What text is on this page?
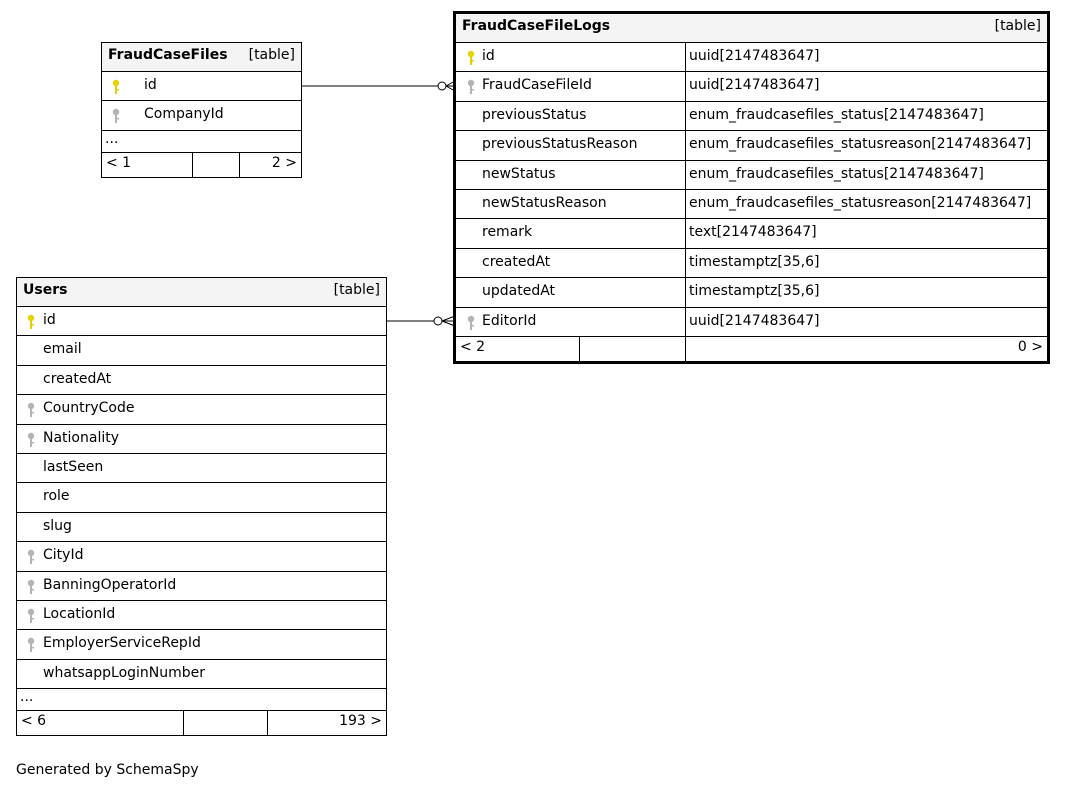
FraudCaseFiles [table]
id
CompanyId
...
< 1	2 >
FraudCaseFileLogs	[table]
id	uuid[2147483647]
FraudCaseFileId	uuid[2147483647]
previousStatus	enum_fraudcasefiles_status[2147483647]
previousStatusReason	enum_fraudcasefiles_statusreason[2147483647]
newStatus	enum_fraudcasefiles_status[2147483647]
newStatusReason	enum_fraudcasefiles_statusreason[2147483647]
remark	text[2147483647]
createdAt	timestamptz[35,6]
updatedAt	timestamptz[35,6]
EditorId	uuid[2147483647]
< 2	0 >
Users	[table]
id
email
createdAt
CountryCode
Nationality
lastSeen
role
slug
CityId
BanningOperatorId
LocationId
EmployerServiceRepId
whatsappLoginNumber
...
< 6	193 >
Generated by SchemaSpy
